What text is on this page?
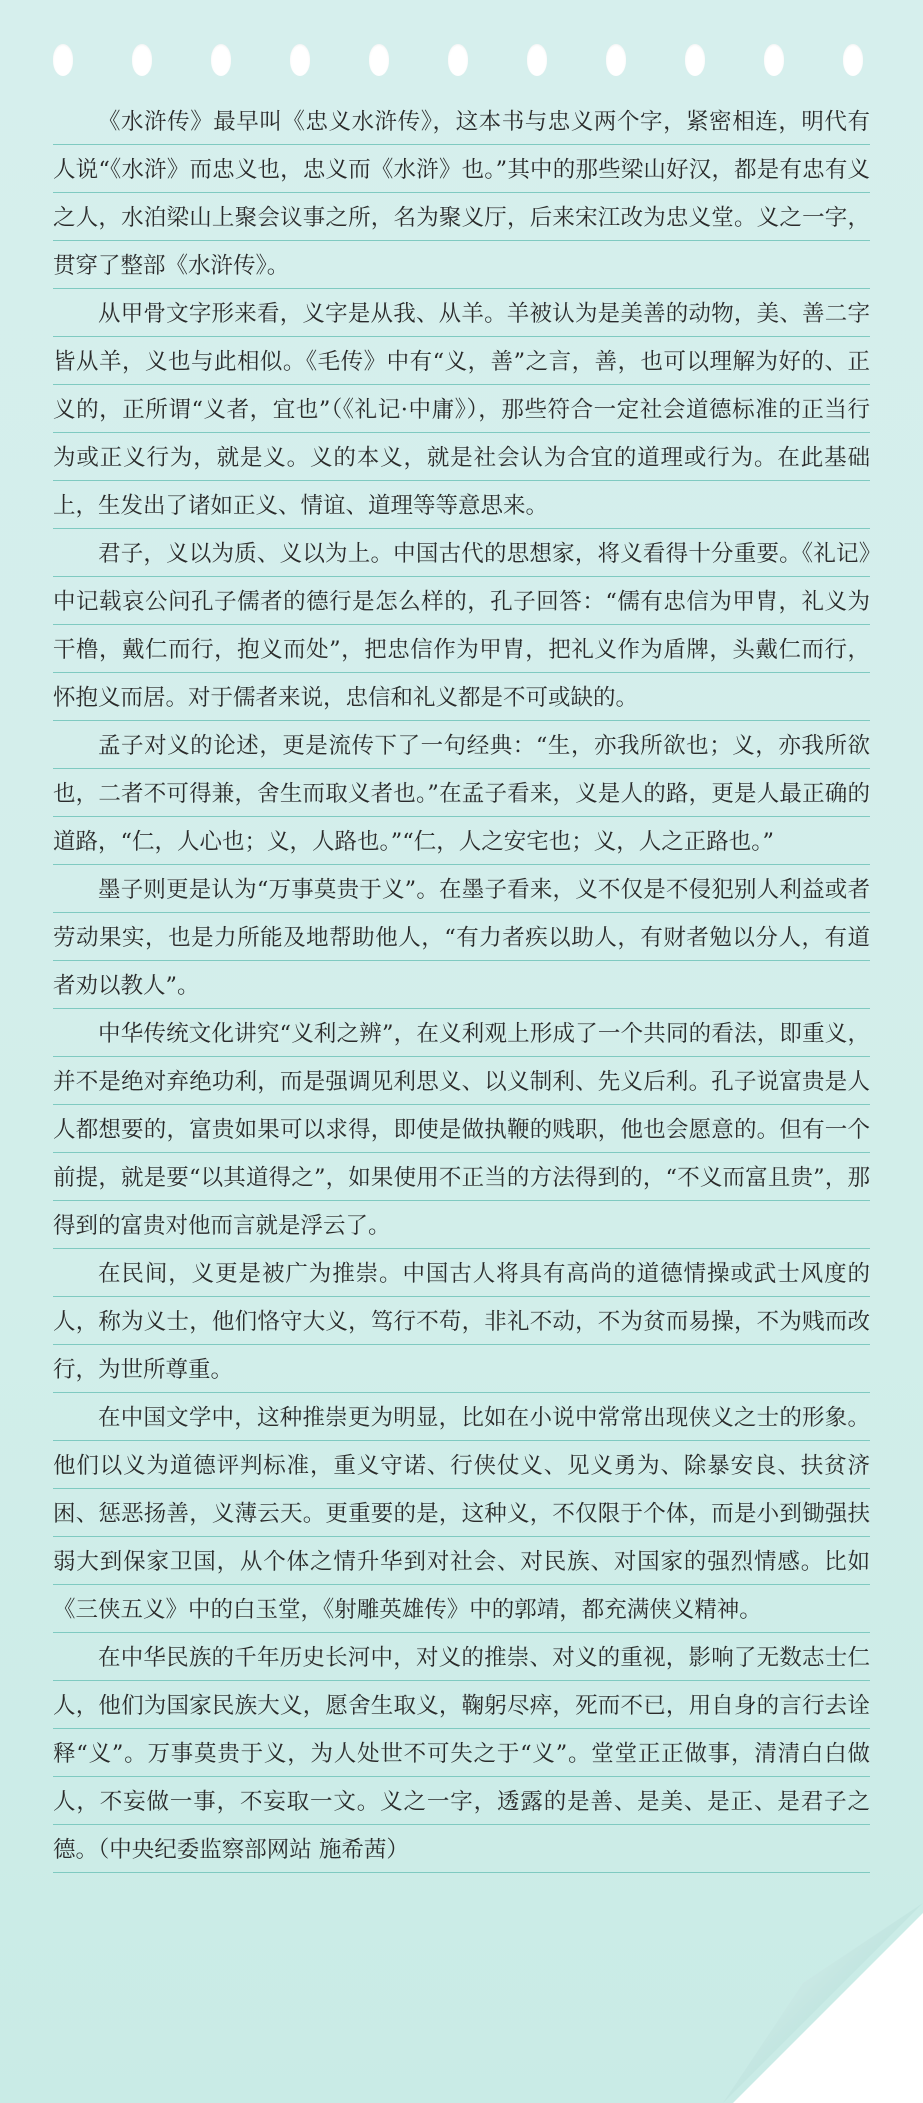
《水浒传》最早叫《忠义水浒传》，这本书与忠义两个字，紧密相连，明代有人说“《水浒》而忠义也，忠义而《水浒》也。”其中的那些梁山好汉，都是有忠有义之人，水泊梁山上聚会议事之所，名为聚义厅，后来宋江改为忠义堂。义之一字，贯穿了整部《水浒传》。

从甲骨文字形来看，义字是从我、从羊。羊被认为是美善的动物，美、善二字皆从羊，义也与此相似。《毛传》中有“义，善”之言，善，也可以理解为好的、正义的，正所谓“义者，宜也”（《礼记·中庸》），那些符合一定社会道德标准的正当行为或正义行为，就是义。义的本义，就是社会认为合宜的道理或行为。在此基础上，生发出了诸如正义、情谊、道理等等意思来。

君子，义以为质、义以为上。中国古代的思想家，将义看得十分重要。《礼记》中记载哀公问孔子儒者的德行是怎么样的，孔子回答：“儒有忠信为甲胄，礼义为干橹，戴仁而行，抱义而处”，把忠信作为甲胄，把礼义作为盾牌，头戴仁而行，怀抱义而居。对于儒者来说，忠信和礼义都是不可或缺的。

孟子对义的论述，更是流传下了一句经典：“生，亦我所欲也；义，亦我所欲也，二者不可得兼，舍生而取义者也。”在孟子看来，义是人的路，更是人最正确的道路，“仁，人心也；义，人路也。”“仁，人之安宅也；义，人之正路也。”

墨子则更是认为“万事莫贵于义”。在墨子看来，义不仅是不侵犯别人利益或者劳动果实，也是力所能及地帮助他人，“有力者疾以助人，有财者勉以分人，有道者劝以教人”。

中华传统文化讲究“义利之辨”，在义利观上形成了一个共同的看法，即重义，并不是绝对弃绝功利，而是强调见利思义、以义制利、先义后利。孔子说富贵是人人都想要的，富贵如果可以求得，即使是做执鞭的贱职，他也会愿意的。但有一个前提，就是要“以其道得之”，如果使用不正当的方法得到的，“不义而富且贵”，那得到的富贵对他而言就是浮云了。

在民间，义更是被广为推崇。中国古人将具有高尚的道德情操或武士风度的人，称为义士，他们恪守大义，笃行不苟，非礼不动，不为贫而易操，不为贱而改行，为世所尊重。

在中国文学中，这种推崇更为明显，比如在小说中常常出现侠义之士的形象。他们以义为道德评判标准，重义守诺、行侠仗义、见义勇为、除暴安良、扶贫济困、惩恶扬善，义薄云天。更重要的是，这种义，不仅限于个体，而是小到锄强扶弱大到保家卫国，从个体之情升华到对社会、对民族、对国家的强烈情感。比如《三侠五义》中的白玉堂，《射雕英雄传》中的郭靖，都充满侠义精神。

在中华民族的千年历史长河中，对义的推崇、对义的重视，影响了无数志士仁人，他们为国家民族大义，愿舍生取义，鞠躬尽瘁，死而不已，用自身的言行去诠释“义”。万事莫贵于义，为人处世不可失之于“义”。堂堂正正做事，清清白白做人，不妄做一事，不妄取一文。义之一字，透露的是善、是美、是正、是君子之德。（中央纪委监察部网站 施希茜）
